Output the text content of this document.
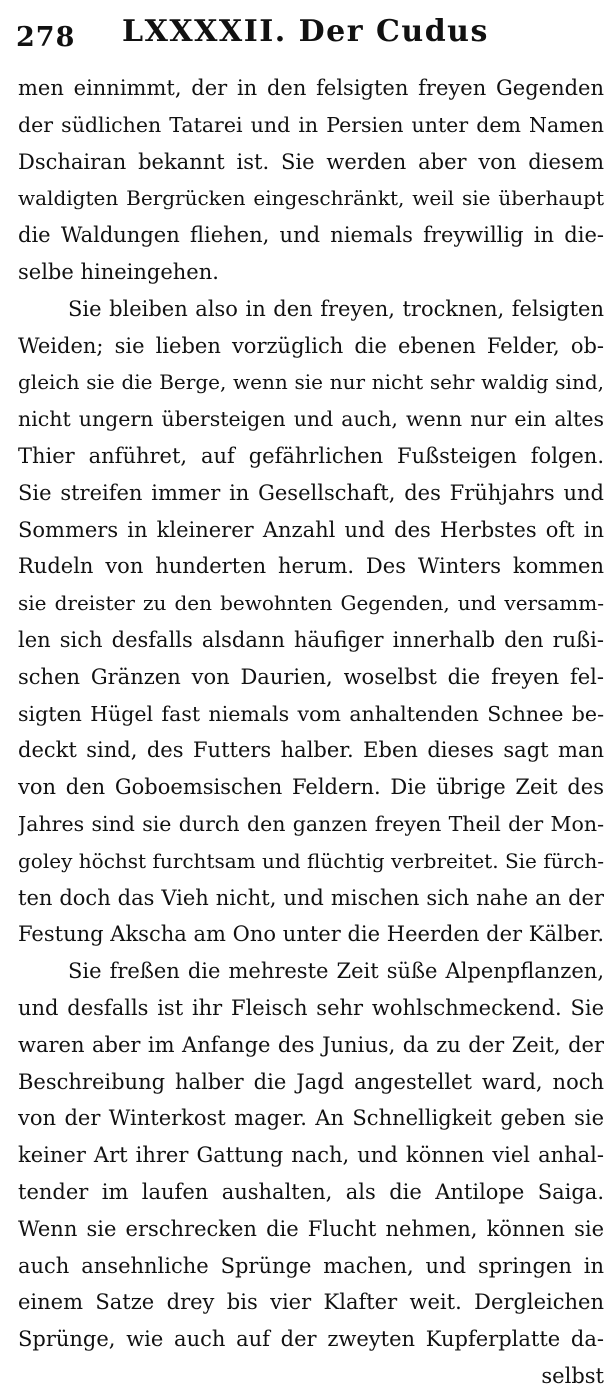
278 LXXXXII. Der Cudus
men einnimmt, der in den felsigten freyen Gegenden
der südlichen Tatarei und in Persien unter dem Namen
Dschairan bekannt ist. Sie werden aber von diesem
waldigten Bergrücken eingeschränkt, weil sie überhaupt
die Waldungen fliehen, und niemals freywillig in die-
selbe hineingehen.
Sie bleiben also in den freyen, trocknen, felsigten
Weiden; sie lieben vorzüglich die ebenen Felder, ob-
gleich sie die Berge, wenn sie nur nicht sehr waldig sind,
nicht ungern übersteigen und auch, wenn nur ein altes
Thier anführet, auf gefährlichen Fußsteigen folgen.
Sie streifen immer in Gesellschaft, des Frühjahrs und
Sommers in kleinerer Anzahl und des Herbstes oft in
Rudeln von hunderten herum. Des Winters kommen
sie dreister zu den bewohnten Gegenden, und versamm-
len sich desfalls alsdann häufiger innerhalb den rußi-
schen Gränzen von Daurien, woselbst die freyen fel-
sigten Hügel fast niemals vom anhaltenden Schnee be-
deckt sind, des Futters halber. Eben dieses sagt man
von den Goboemsischen Feldern. Die übrige Zeit des
Jahres sind sie durch den ganzen freyen Theil der Mon-
goley höchst furchtsam und flüchtig verbreitet. Sie fürch-
ten doch das Vieh nicht, und mischen sich nahe an der
Festung Akscha am Ono unter die Heerden der Kälber.
Sie freßen die mehreste Zeit süße Alpenpflanzen,
und desfalls ist ihr Fleisch sehr wohlschmeckend. Sie
waren aber im Anfange des Junius, da zu der Zeit, der
Beschreibung halber die Jagd angestellet ward, noch
von der Winterkost mager. An Schnelligkeit geben sie
keiner Art ihrer Gattung nach, und können viel anhal-
tender im laufen aushalten, als die Antilope Saiga.
Wenn sie erschrecken die Flucht nehmen, können sie
auch ansehnliche Sprünge machen, und springen in
einem Satze drey bis vier Klafter weit. Dergleichen
Sprünge, wie auch auf der zweyten Kupferplatte da-
selbst
